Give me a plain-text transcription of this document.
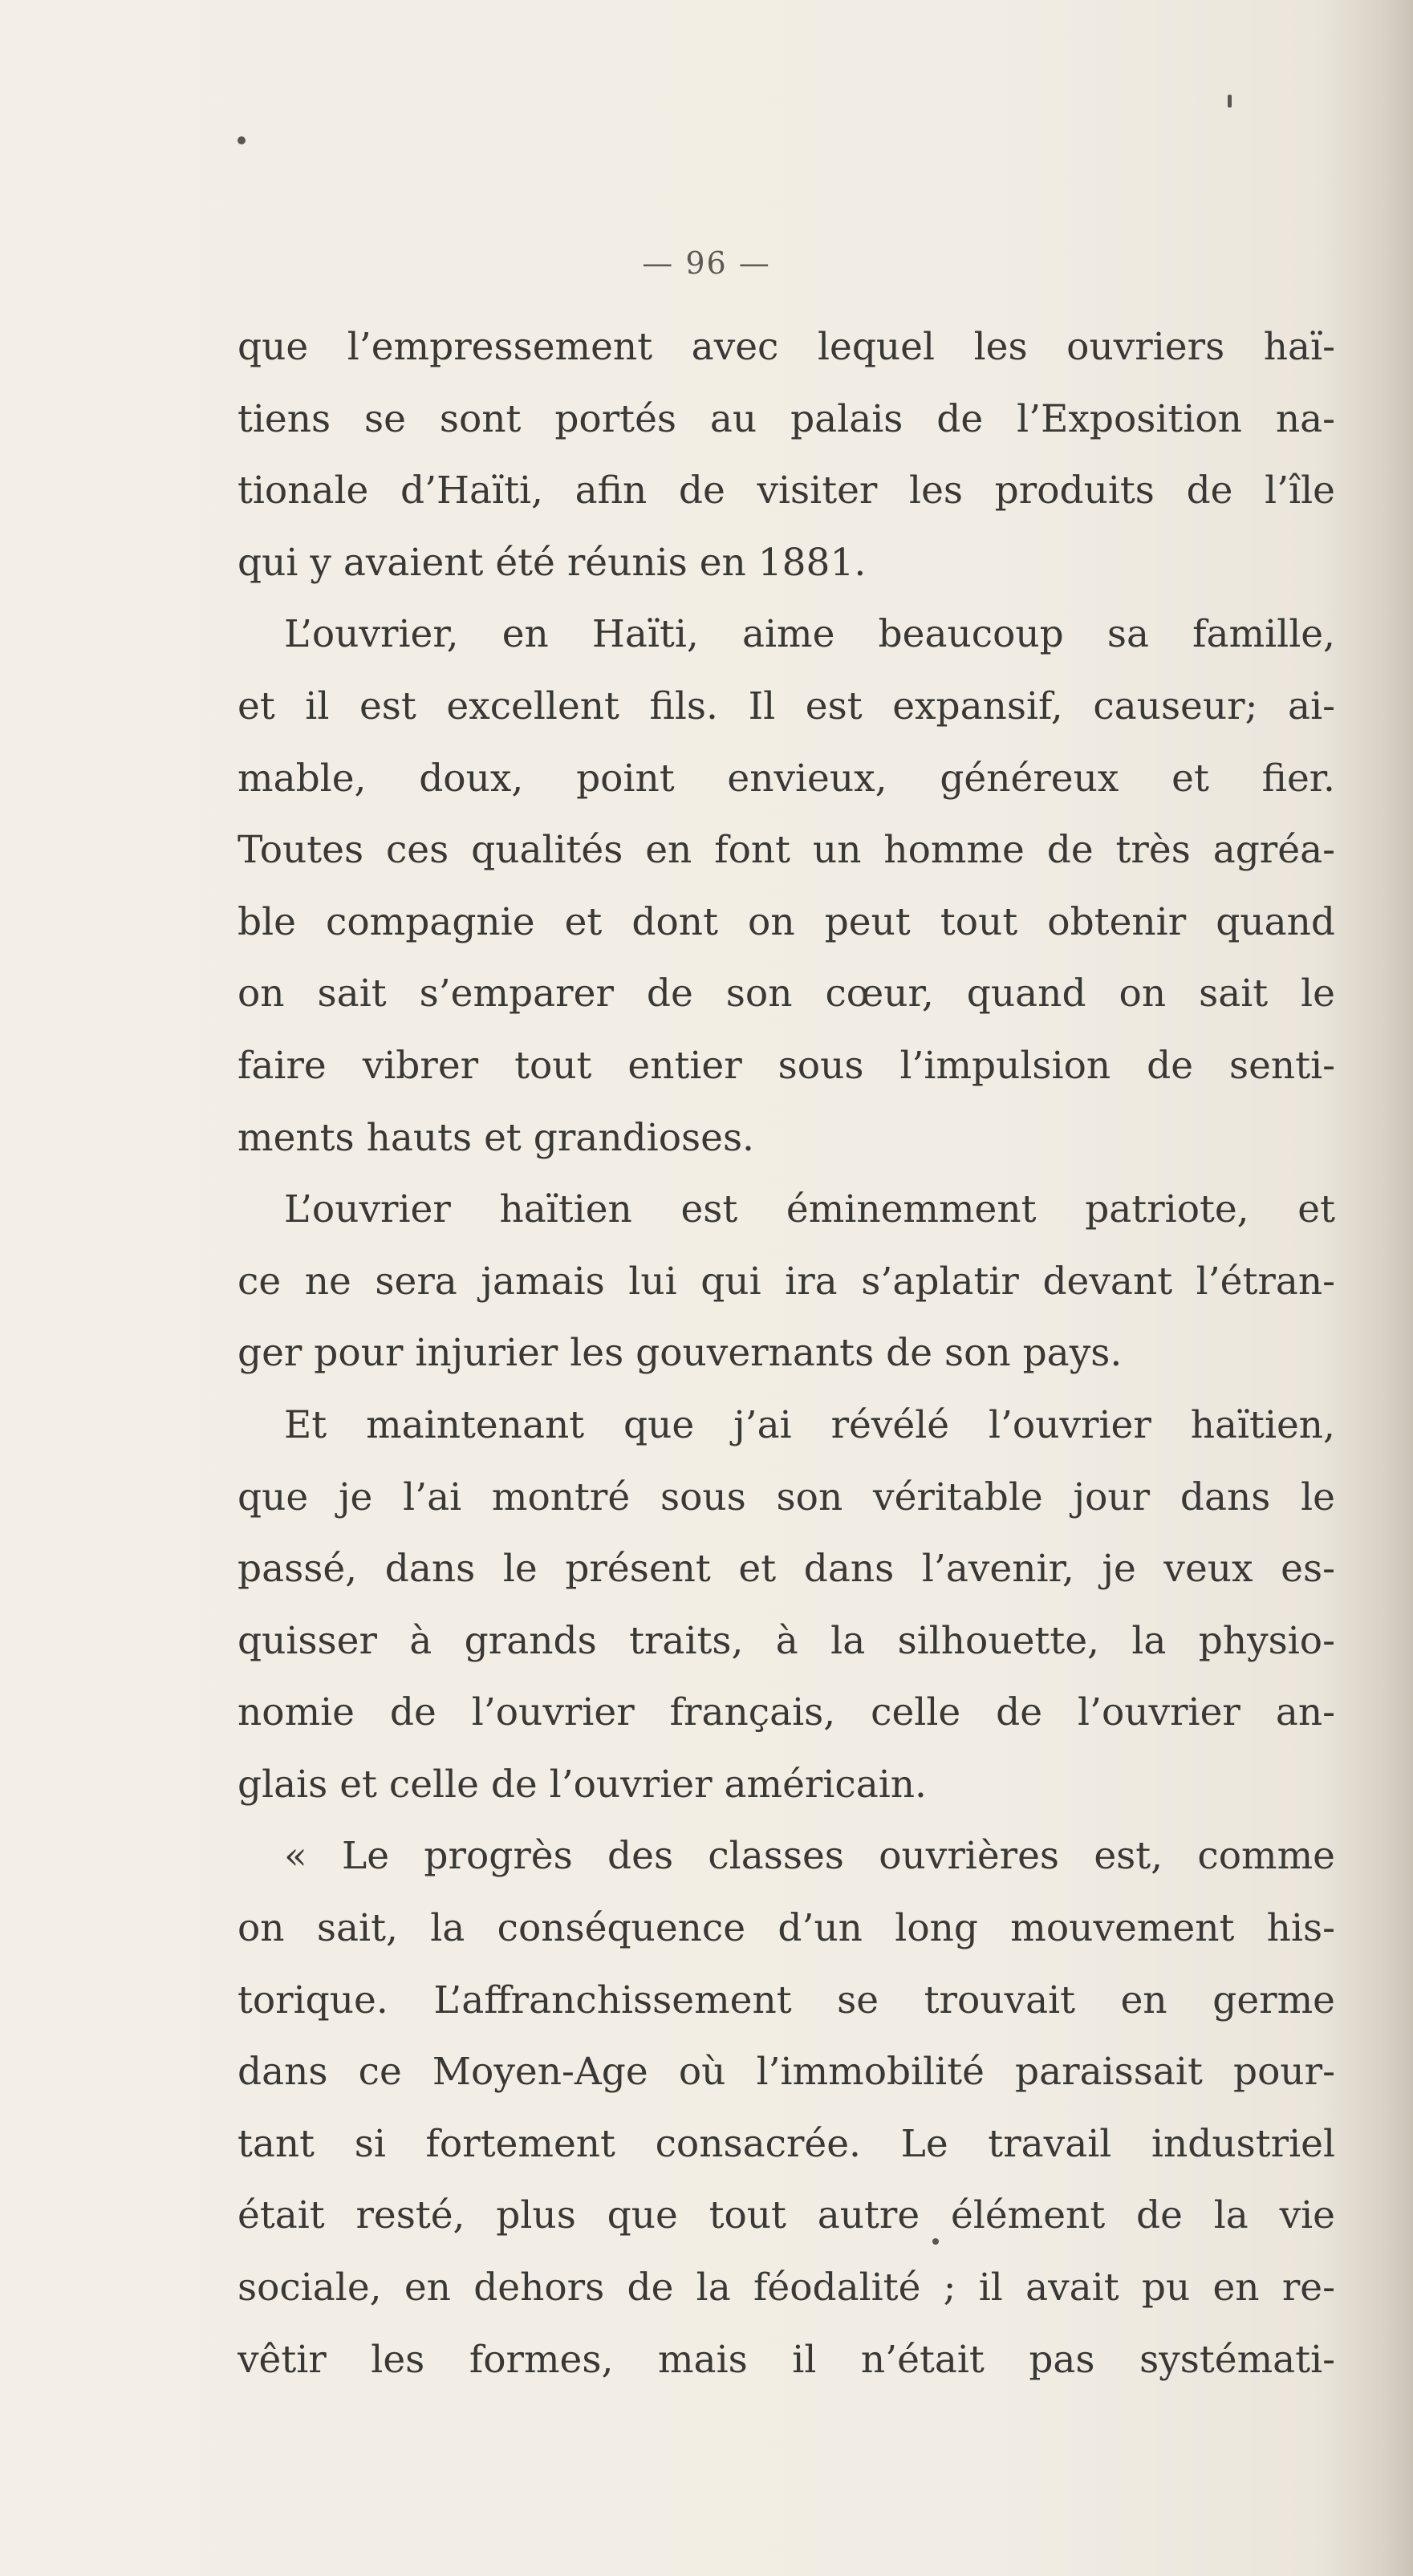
— 96 —
que l’empressement avec lequel les ouvriers haï-
tiens se sont portés au palais de l’Exposition na-
tionale d’Haïti, afin de visiter les produits de l’île
qui y avaient été réunis en 1881.
L’ouvrier, en Haïti, aime beaucoup sa famille,
et il est excellent fils. Il est expansif, causeur; ai-
mable, doux, point envieux, généreux et fier.
Toutes ces qualités en font un homme de très agréa-
ble compagnie et dont on peut tout obtenir quand
on sait s’emparer de son cœur, quand on sait le
faire vibrer tout entier sous l’impulsion de senti-
ments hauts et grandioses.
L’ouvrier haïtien est éminemment patriote, et
ce ne sera jamais lui qui ira s’aplatir devant l’étran-
ger pour injurier les gouvernants de son pays.
Et maintenant que j’ai révélé l’ouvrier haïtien,
que je l’ai montré sous son véritable jour dans le
passé, dans le présent et dans l’avenir, je veux es-
quisser à grands traits, à la silhouette, la physio-
nomie de l’ouvrier français, celle de l’ouvrier an-
glais et celle de l’ouvrier américain.
« Le progrès des classes ouvrières est, comme
on sait, la conséquence d’un long mouvement his-
torique. L’affranchissement se trouvait en germe
dans ce Moyen-Age où l’immobilité paraissait pour-
tant si fortement consacrée. Le travail industriel
était resté, plus que tout autre élément de la vie
sociale, en dehors de la féodalité ; il avait pu en re-
vêtir les formes, mais il n’était pas systémati-
